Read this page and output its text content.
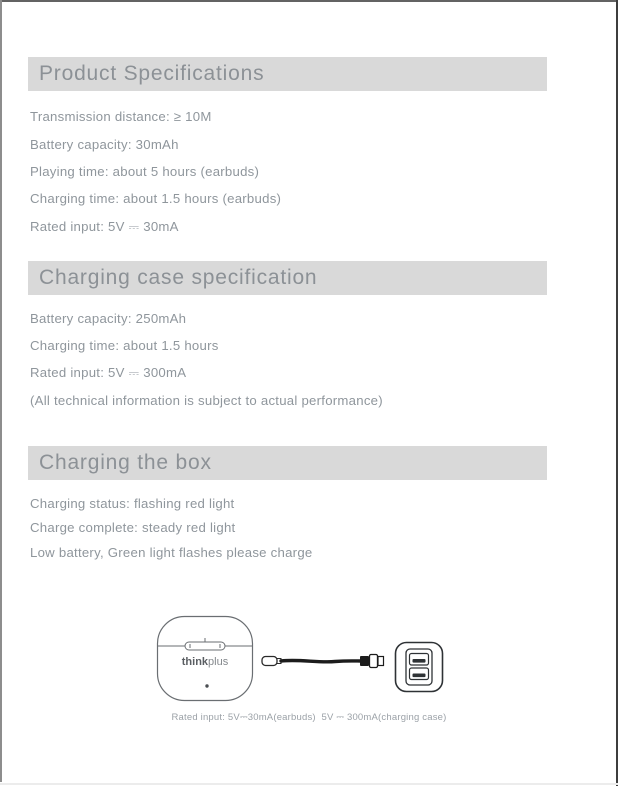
Product Specifications

Transmission distance: ≥ 10M

Battery capacity: 30mAh

Playing time: about 5 hours (earbuds)

Charging time: about 1.5 hours (earbuds)

Rated input: 5V ⎓ 30mA

Charging case specification

Battery capacity: 250mAh

Charging time: about 1.5 hours

Rated input: 5V ⎓ 300mA

(All technical information is subject to actual performance)

Charging the box

Charging status: flashing red light

Charge complete: steady red light

Low battery, Green light flashes please charge

thinkplus

Rated input: 5V⎓30mA(earbuds)  5V ⎓ 300mA(charging case)
